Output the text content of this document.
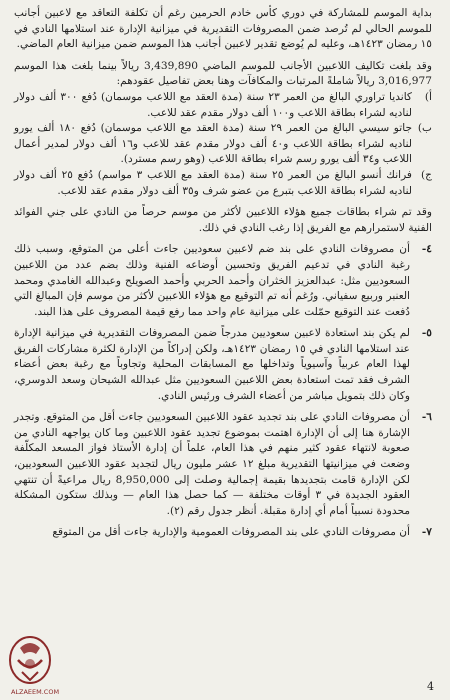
بداية الموسم للمشاركة في دوري كأس خادم الحرمين رغم أن تكلفة التعاقد مع لاعبين أجانب للموسم الحالي لم تُرصد ضمن المصروفات التقديرية في ميزانية الإدارة عند استلامها النادي في ١٥ رمضان ١٤٢٣هـ، وعليه لم يُوضع تقدير لاعبين أجانب هذا الموسم ضمن ميزانية العام الماضي.

وقد بلغت تكاليف اللاعبين الأجانب للموسم الماضي 3,439,890 ريالاً بينما بلغت هذا الموسم 3,016,977 ريالاً شاملةً المرتبات والمكافآت وهنا بعض تفاصيل عقودهم:

أ)
كانديا تراوري البالغ من العمر ٢٣ سنة (مدة العقد مع اللاعب موسمان) دُفع ٣٠٠ ألف دولار لناديه لشراء بطاقة اللاعب و١٠٠ ألف دولار مقدم عقد للاعب.
ب)
جاتو سيسي البالغ من العمر ٢٩ سنة (مدة العقد مع اللاعب موسمان) دُفع ١٨٠ ألف يورو لناديه لشراء بطاقة اللاعب و٤٠ ألف دولار مقدم عقد للاعب و١٦ ألف دولار لمدير أعمال اللاعب و٣٤ ألف يورو رسم شراء بطاقة اللاعب (وهو رسم مسترد).
ج)
فرانك أنسو البالغ من العمر ٢٥ سنة (مدة العقد مع اللاعب ٣ مواسم) دُفع ٢٥ ألف دولار لناديه لشراء بطاقة اللاعب بتبرع من عضو شرف و٣٥ ألف دولار مقدم عقد للاعب.

وقد تم شراء بطاقات جميع هؤلاء اللاعبين لأكثر من موسم حرصاً من النادي على جني الفوائد الفنية لاستمرارهم مع الفريق إذا رغب النادي في ذلك.

٤-
أن مصروفات النادي على بند ضم لاعبين سعوديين جاءت أعلى من المتوقع، وسبب ذلك رغبة النادي في تدعيم الفريق وتحسين أوضاعه الفنية وذلك بضم عدد من اللاعبين السعوديين مثل: عبدالعزيز الخثران وأحمد الحربي وأحمد الصويلح وعبدالله الغامدي ومحمد العنبر وربيع سفياني. ورُغم أنه تم التوقيع مع هؤلاء اللاعبين لأكثر من موسم فإن المبالغ التي دُفعت عند التوقيع حمّلت على ميزانية عام واحد مما رفع قيمة المصروف على هذا البند.
٥-
لم يكن بند استعادة لاعبين سعوديين مدرجاً ضمن المصروفات التقديرية في ميزانية الإدارة عند استلامها النادي في ١٥ رمضان ١٤٢٣هـ، ولكن إدراكاً من الإدارة لكثرة مشاركات الفريق لهذا العام عربياً وآسيوياً وتداخلها مع المسابقات المحلية وتجاوباً مع رغبة بعض أعضاء الشرف فقد تمت استعادة بعض اللاعبين السعوديين مثل عبدالله الشيحان وسعد الدوسري، وكان ذلك بتمويل مباشر من أعضاء الشرف ورئيس النادي.
٦-
أن مصروفات النادي على بند تجديد عقود اللاعبين السعوديين جاءت أقل من المتوقع. وتجدر الإشارة هنا إلى أن الإدارة اهتمت بموضوع تجديد عقود اللاعبين وما كان يواجهه النادي من صعوبة لانتهاء عقود كثير منهم في هذا العام، علماً أن إدارة الأستاذ فواز المسعد المكلّفة وضعت في ميزانيتها التقديرية مبلغ ١٢ عشر مليون ريال لتجديد عقود اللاعبين السعوديين، لكن الإدارة قامت بتجديدها بقيمة إجمالية وصلت إلى 8,950,000 ريال مراعيةً أن تنتهي العقود الجديدة في ٣ أوقات مختلفة — كما حصل هذا العام — وبذلك ستكون المشكلة محدودة نسبياً أمام أي إدارة مقبلة. أنظر جدول رقم (٢).
٧-
أن مصروفات النادي على بند المصروفات العمومية والإدارية جاءت أقل من المتوقع
ALZAEEM.COM	4
